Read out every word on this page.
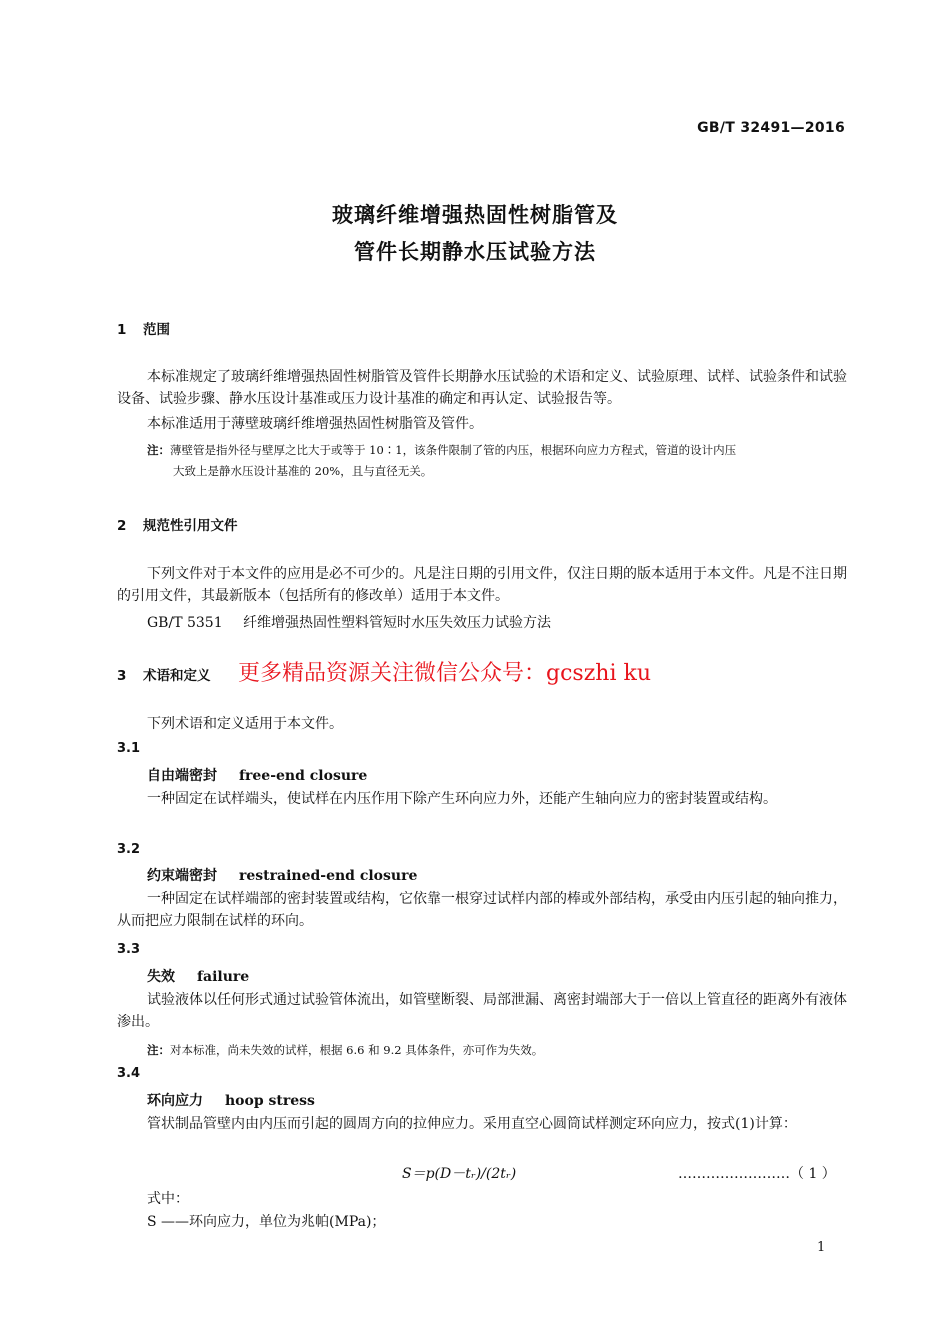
GB/T 32491—2016
玻璃纤维增强热固性树脂管及
管件长期静水压试验方法
1 范围
本标准规定了玻璃纤维增强热固性树脂管及管件长期静水压试验的术语和定义、试验原理、试样、试验条件和试验设备、试验步骤、静水压设计基准或压力设计基准的确定和再认定、试验报告等。
本标准适用于薄壁玻璃纤维增强热固性树脂管及管件。
注：薄壁管是指外径与壁厚之比大于或等于 10∶1，该条件限制了管的内压，根据环向应力方程式，管道的设计内压
大致上是静水压设计基准的 20%，且与直径无关。
2 规范性引用文件
下列文件对于本文件的应用是必不可少的。凡是注日期的引用文件，仅注日期的版本适用于本文件。凡是不注日期的引用文件，其最新版本（包括所有的修改单）适用于本文件。
GB/T 5351 纤维增强热固性塑料管短时水压失效压力试验方法
3 术语和定义 更多精品资源关注微信公众号：gcszhi ku
下列术语和定义适用于本文件。
3.1
自由端密封 free-end closure
一种固定在试样端头，使试样在内压作用下除产生环向应力外，还能产生轴向应力的密封装置或结构。
3.2
约束端密封 restrained-end closure
一种固定在试样端部的密封装置或结构，它依靠一根穿过试样内部的棒或外部结构，承受由内压引起的轴向推力，从而把应力限制在试样的环向。
3.3
失效 failure
试验液体以任何形式通过试验管体流出，如管壁断裂、局部泄漏、离密封端部大于一倍以上管直径的距离外有液体渗出。
注：对本标准，尚未失效的试样，根据 6.6 和 9.2 具体条件，亦可作为失效。
3.4
环向应力 hoop stress
管状制品管壁内由内压而引起的圆周方向的拉伸应力。采用直空心圆筒试样测定环向应力，按式(1)计算：
S＝p(D－tᵣ)/(2tᵣ)	……………………（ 1 ）
式中：
S ——环向应力，单位为兆帕(MPa)；
1
